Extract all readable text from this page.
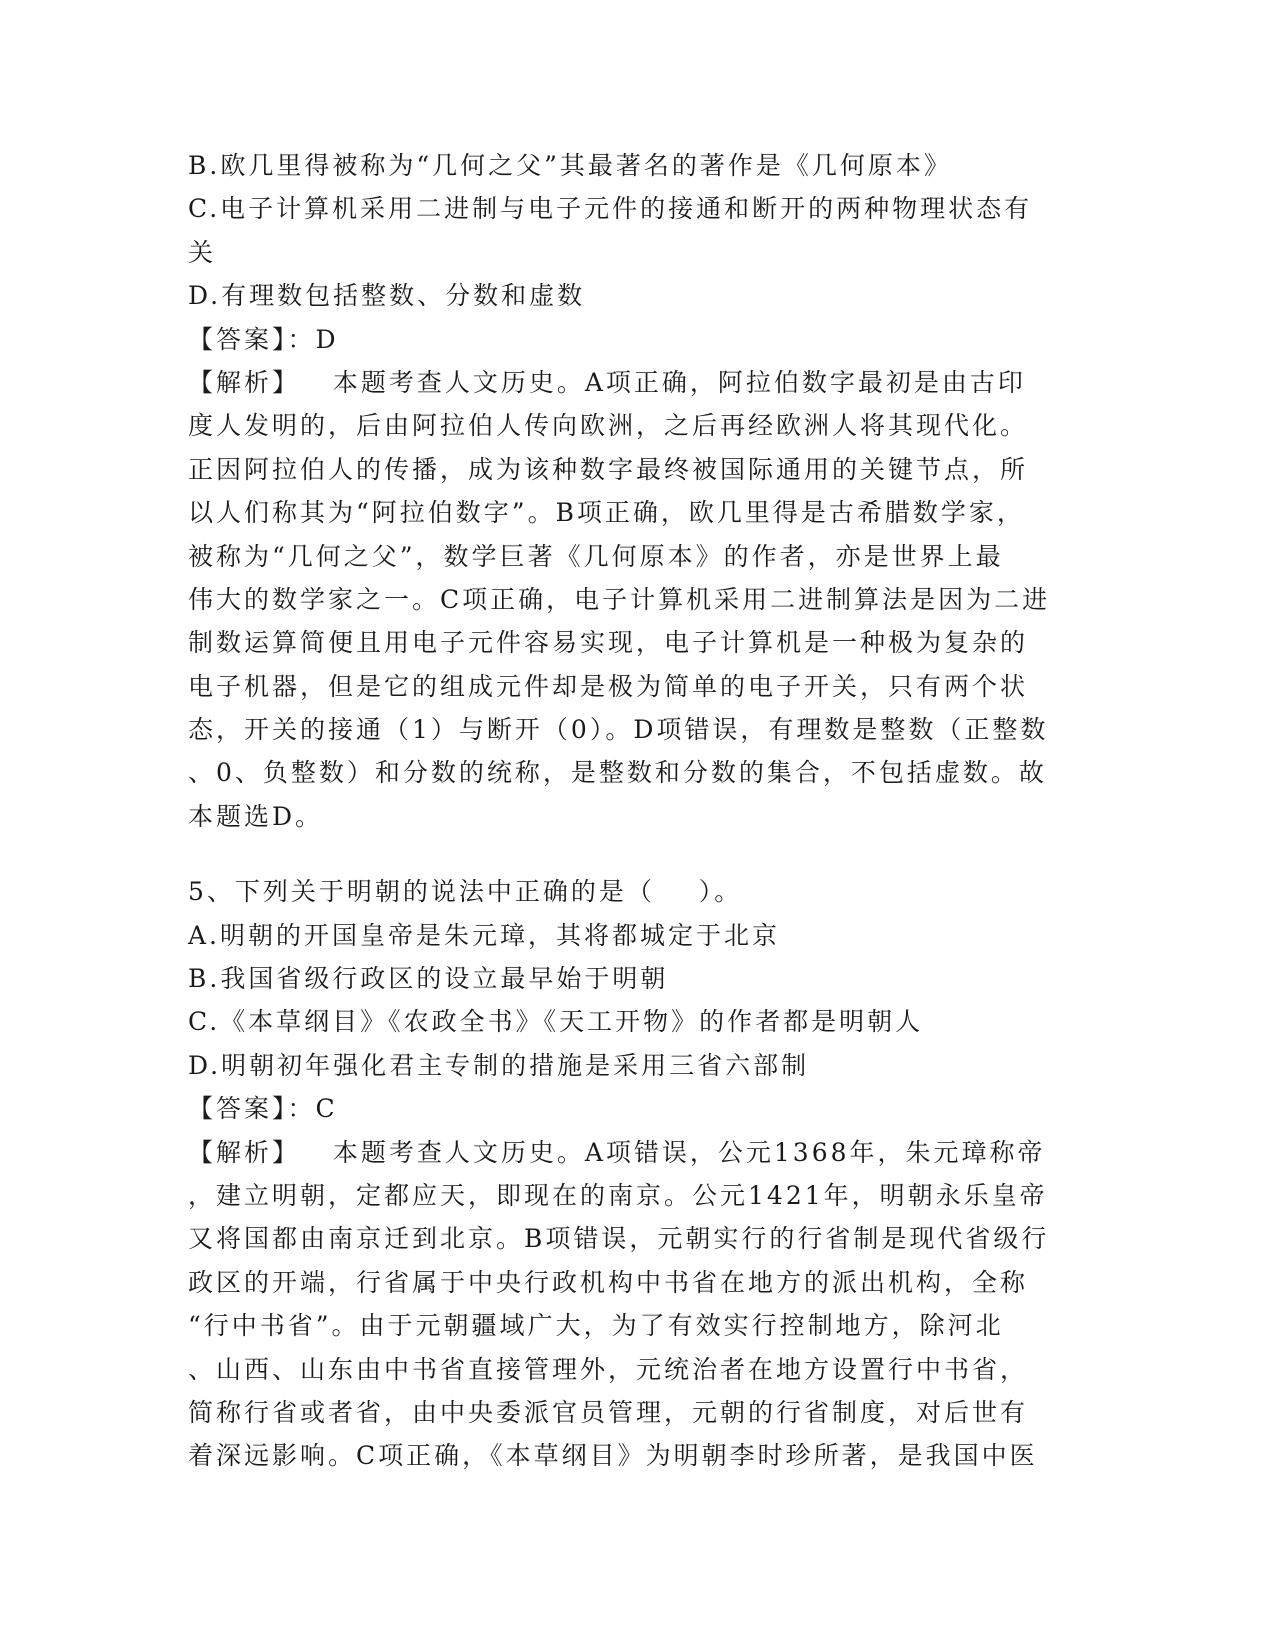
B.欧几里得被称为“几何之父”其最著名的著作是《几何原本》
C.电子计算机采用二进制与电子元件的接通和断开的两种物理状态有
关
D.有理数包括整数、分数和虚数
【答案】：D
【解析】   本题考查人文历史。A项正确，阿拉伯数字最初是由古印
度人发明的，后由阿拉伯人传向欧洲，之后再经欧洲人将其现代化。
正因阿拉伯人的传播，成为该种数字最终被国际通用的关键节点，所
以人们称其为“阿拉伯数字”。B项正确，欧几里得是古希腊数学家，
被称为“几何之父”，数学巨著《几何原本》的作者，亦是世界上最
伟大的数学家之一。C项正确，电子计算机采用二进制算法是因为二进
制数运算简便且用电子元件容易实现，电子计算机是一种极为复杂的
电子机器，但是它的组成元件却是极为简单的电子开关，只有两个状
态，开关的接通（1）与断开（0）。D项错误，有理数是整数（正整数
、0、负整数）和分数的统称，是整数和分数的集合，不包括虚数。故
本题选D。
5、下列关于明朝的说法中正确的是（    ）。
A.明朝的开国皇帝是朱元璋，其将都城定于北京
B.我国省级行政区的设立最早始于明朝
C.《本草纲目》《农政全书》《天工开物》的作者都是明朝人
D.明朝初年强化君主专制的措施是采用三省六部制
【答案】：C
【解析】   本题考查人文历史。A项错误，公元1368年，朱元璋称帝
，建立明朝，定都应天，即现在的南京。公元1421年，明朝永乐皇帝
又将国都由南京迁到北京。B项错误，元朝实行的行省制是现代省级行
政区的开端，行省属于中央行政机构中书省在地方的派出机构，全称
“行中书省”。由于元朝疆域广大，为了有效实行控制地方，除河北
、山西、山东由中书省直接管理外，元统治者在地方设置行中书省，
简称行省或者省，由中央委派官员管理，元朝的行省制度，对后世有
着深远影响。C项正确，《本草纲目》为明朝李时珍所著，是我国中医
